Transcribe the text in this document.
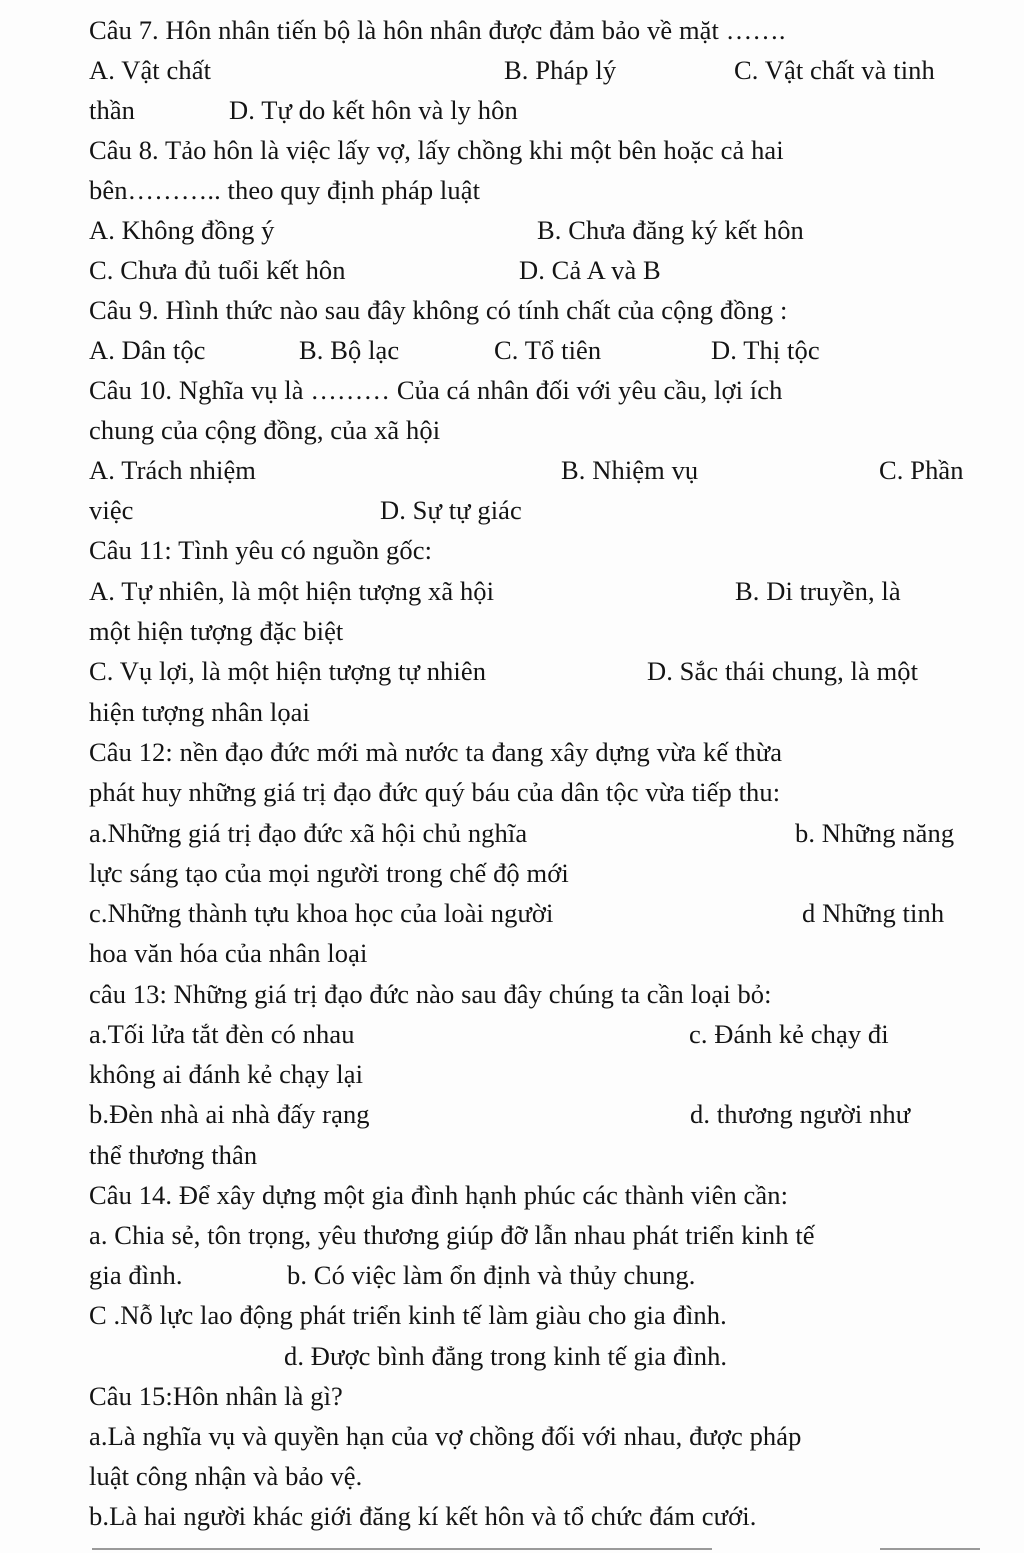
Câu 7. Hôn nhân tiến bộ là hôn nhân được đảm bảo về mặt …….
A. Vật chất	B. Pháp lý	C. Vật chất và tinh
thần	D. Tự do kết hôn và ly hôn
Câu 8. Tảo hôn là việc lấy vợ, lấy chồng khi một bên hoặc cả hai
bên……….. theo quy định pháp luật
A. Không đồng ý	B. Chưa đăng ký kết hôn
C. Chưa đủ tuổi kết hôn	D. Cả A và B
Câu 9. Hình thức nào sau đây không có tính chất của cộng đồng :
A. Dân tộc	B. Bộ lạc	C. Tổ tiên	D. Thị tộc
Câu 10. Nghĩa vụ là ……… Của cá nhân đối với yêu cầu, lợi ích
chung của cộng đồng, của xã hội
A. Trách nhiệm	B. Nhiệm vụ	C. Phần
việc	D. Sự tự giác
Câu 11: Tình yêu có nguồn gốc:
A. Tự nhiên, là một hiện tượng xã hội	B. Di truyền, là
một hiện tượng đặc biệt
C. Vụ lợi, là một hiện tượng tự nhiên	D. Sắc thái chung, là một
hiện tượng nhân lọai
Câu 12: nền đạo đức mới mà nước ta đang xây dựng vừa kế thừa
phát huy những giá trị đạo đức quý báu của dân tộc vừa tiếp thu:
a.Những giá trị đạo đức xã hội chủ nghĩa	b. Những năng
lực sáng tạo của mọi người trong chế độ mới
c.Những thành tựu khoa học của loài người	d Những tinh
hoa văn hóa của nhân loại
câu 13: Những giá trị đạo đức nào sau đây chúng ta cần loại bỏ:
a.Tối lửa tắt đèn có nhau	c. Đánh kẻ chạy đi
không ai đánh kẻ chạy lại
b.Đèn nhà ai nhà đấy rạng	d. thương người như
thể thương thân
Câu 14. Để xây dựng một gia đình hạnh phúc các thành viên cần:
a. Chia sẻ, tôn trọng, yêu thương giúp đỡ lẫn nhau phát triển kinh tế
gia đình.	b. Có việc làm ổn định và thủy chung.
C .Nỗ lực lao động phát triển kinh tế làm giàu cho gia đình.
d. Được bình đẳng trong kinh tế gia đình.
Câu 15:Hôn nhân là gì?
a.Là nghĩa vụ và quyền hạn của vợ chồng đối với nhau, được pháp
luật công nhận và bảo vệ.
b.Là hai người khác giới đăng kí kết hôn và tổ chức đám cưới.
